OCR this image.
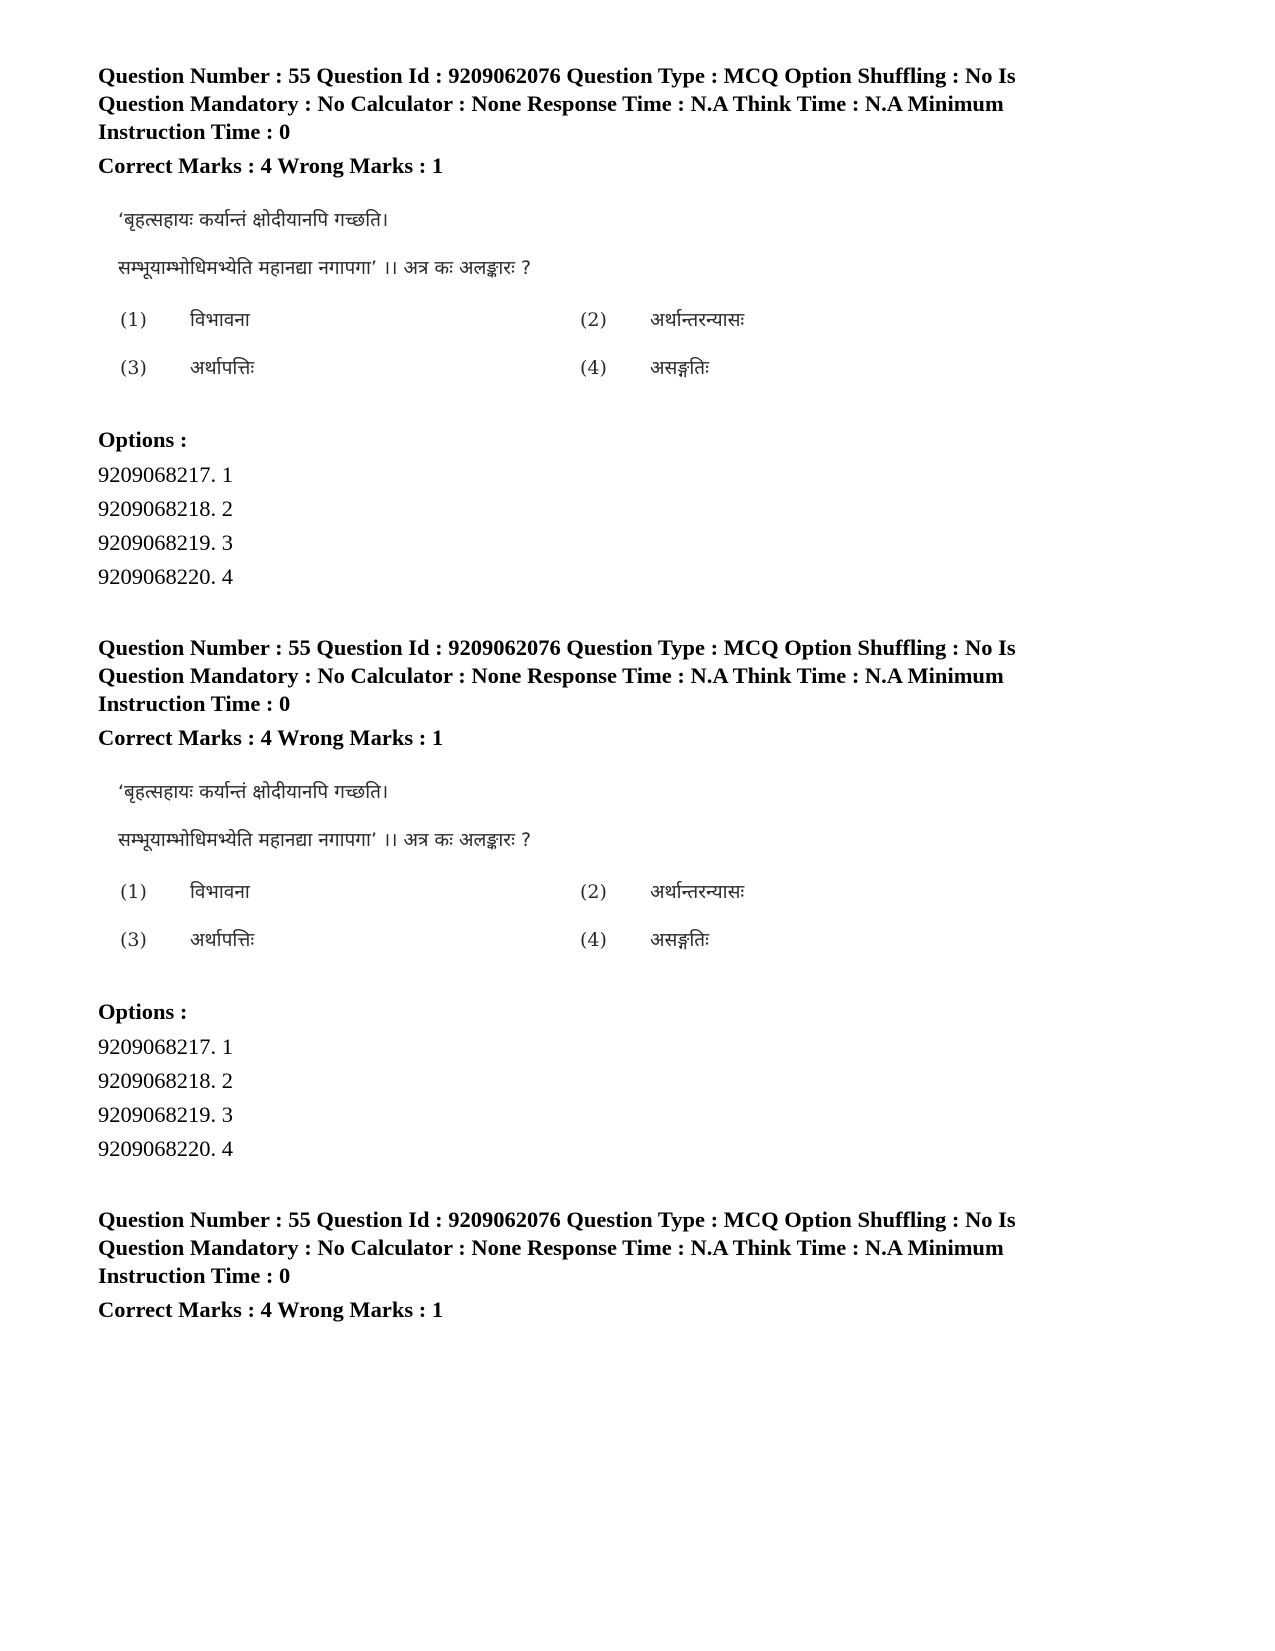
Question Number : 55 Question Id : 9209062076 Question Type : MCQ Option Shuffling : No Is

Question Mandatory : No Calculator : None Response Time : N.A Think Time : N.A Minimum

Instruction Time : 0

Correct Marks : 4 Wrong Marks : 1

‘बृहत्सहायः कर्यान्तं क्षोदीयानपि गच्छति।
सम्भूयाम्भोधिमभ्येति महानद्या नगापगा’ ।। अत्र कः अलङ्कारः ?
(1) विभावना	(2) अर्थान्तरन्यासः
(3) अर्थापत्तिः	(4) असङ्गतिः

Options :

9209068217. 1

9209068218. 2

9209068219. 3

9209068220. 4

Question Number : 55 Question Id : 9209062076 Question Type : MCQ Option Shuffling : No Is

Question Mandatory : No Calculator : None Response Time : N.A Think Time : N.A Minimum

Instruction Time : 0

Correct Marks : 4 Wrong Marks : 1

‘बृहत्सहायः कर्यान्तं क्षोदीयानपि गच्छति।
सम्भूयाम्भोधिमभ्येति महानद्या नगापगा’ ।। अत्र कः अलङ्कारः ?
(1) विभावना	(2) अर्थान्तरन्यासः
(3) अर्थापत्तिः	(4) असङ्गतिः

Options :

9209068217. 1

9209068218. 2

9209068219. 3

9209068220. 4

Question Number : 55 Question Id : 9209062076 Question Type : MCQ Option Shuffling : No Is

Question Mandatory : No Calculator : None Response Time : N.A Think Time : N.A Minimum

Instruction Time : 0

Correct Marks : 4 Wrong Marks : 1
